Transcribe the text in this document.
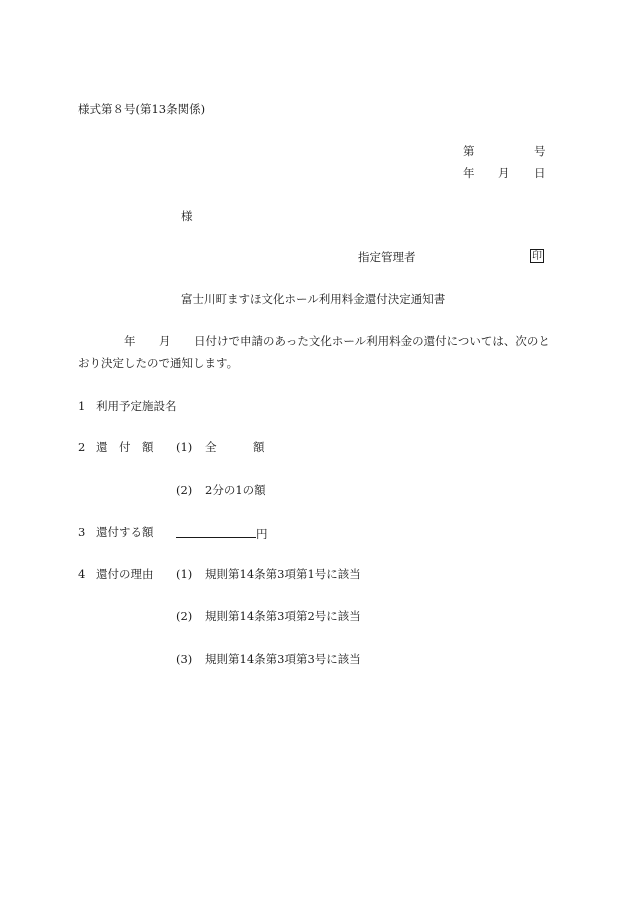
様式第８号(第13条関係)
第	号
年 月 日
様
指定管理者	印
富士川町ますほ文化ホール利用料金還付決定通知書
年 月 日付けで申請のあった文化ホール利用料金の還付については、次のと
おり決定したので通知します。
1 利用予定施設名
2 還　付　額 (1) 全	額
(2) 2分の1の額
3 還付する額	円
4 還付の理由 (1) 規則第14条第3項第1号に該当
(2) 規則第14条第3項第2号に該当
(3) 規則第14条第3項第3号に該当
